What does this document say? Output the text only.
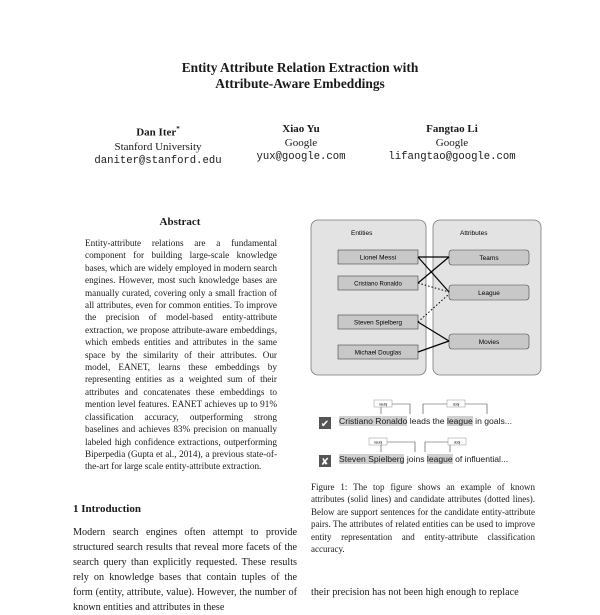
Entity Attribute Relation Extraction with
Attribute-Aware Embeddings
Dan Iter*
Stanford University
daniter@stanford.edu
Xiao Yu
Google
yux@google.com
Fangtao Li
Google
lifangtao@google.com
Abstract
Entity-attribute relations are a fundamental component for building large-scale knowledge bases, which are widely employed in modern search engines. However, most such knowledge bases are manually curated, covering only a small fraction of all attributes, even for common entities. To improve the precision of model-based entity-attribute extraction, we propose attribute-aware embeddings, which embeds entities and attributes in the same space by the similarity of their attributes. Our model, EANET, learns these embeddings by representing entities as a weighted sum of their attributes and concatenates these embeddings to mention level features. EANET achieves up to 91% classification accuracy, outperforming strong baselines and achieves 83% precision on manually labeled high confidence extractions, outperforming Biperpedia (Gupta et al., 2014), a previous state-of-the-art for large scale entity-attribute extraction.
1 Introduction
Modern search engines often attempt to provide structured search results that reveal more facets of the search query than explicitly requested. These results rely on knowledge bases that contain tuples of the form (entity, attribute, value). However, the number of known entities and attributes in these
Entities	Attributes
Lionel Messi
Cristiano Ronaldo
Steven Spielberg
Michael Douglas
Teams
League
Movies
nsubj	dobj
nsubj	dobj
✔
✘
Cristiano Ronaldo leads the league in goals...
Steven Spielberg joins league of influential...
Figure 1: The top figure shows an example of known attributes (solid lines) and candidate attributes (dotted lines). Below are support sentences for the candidate entity-attribute pairs. The attributes of related entities can be used to improve entity representation and entity-attribute classification accuracy.
their precision has not been high enough to replace
